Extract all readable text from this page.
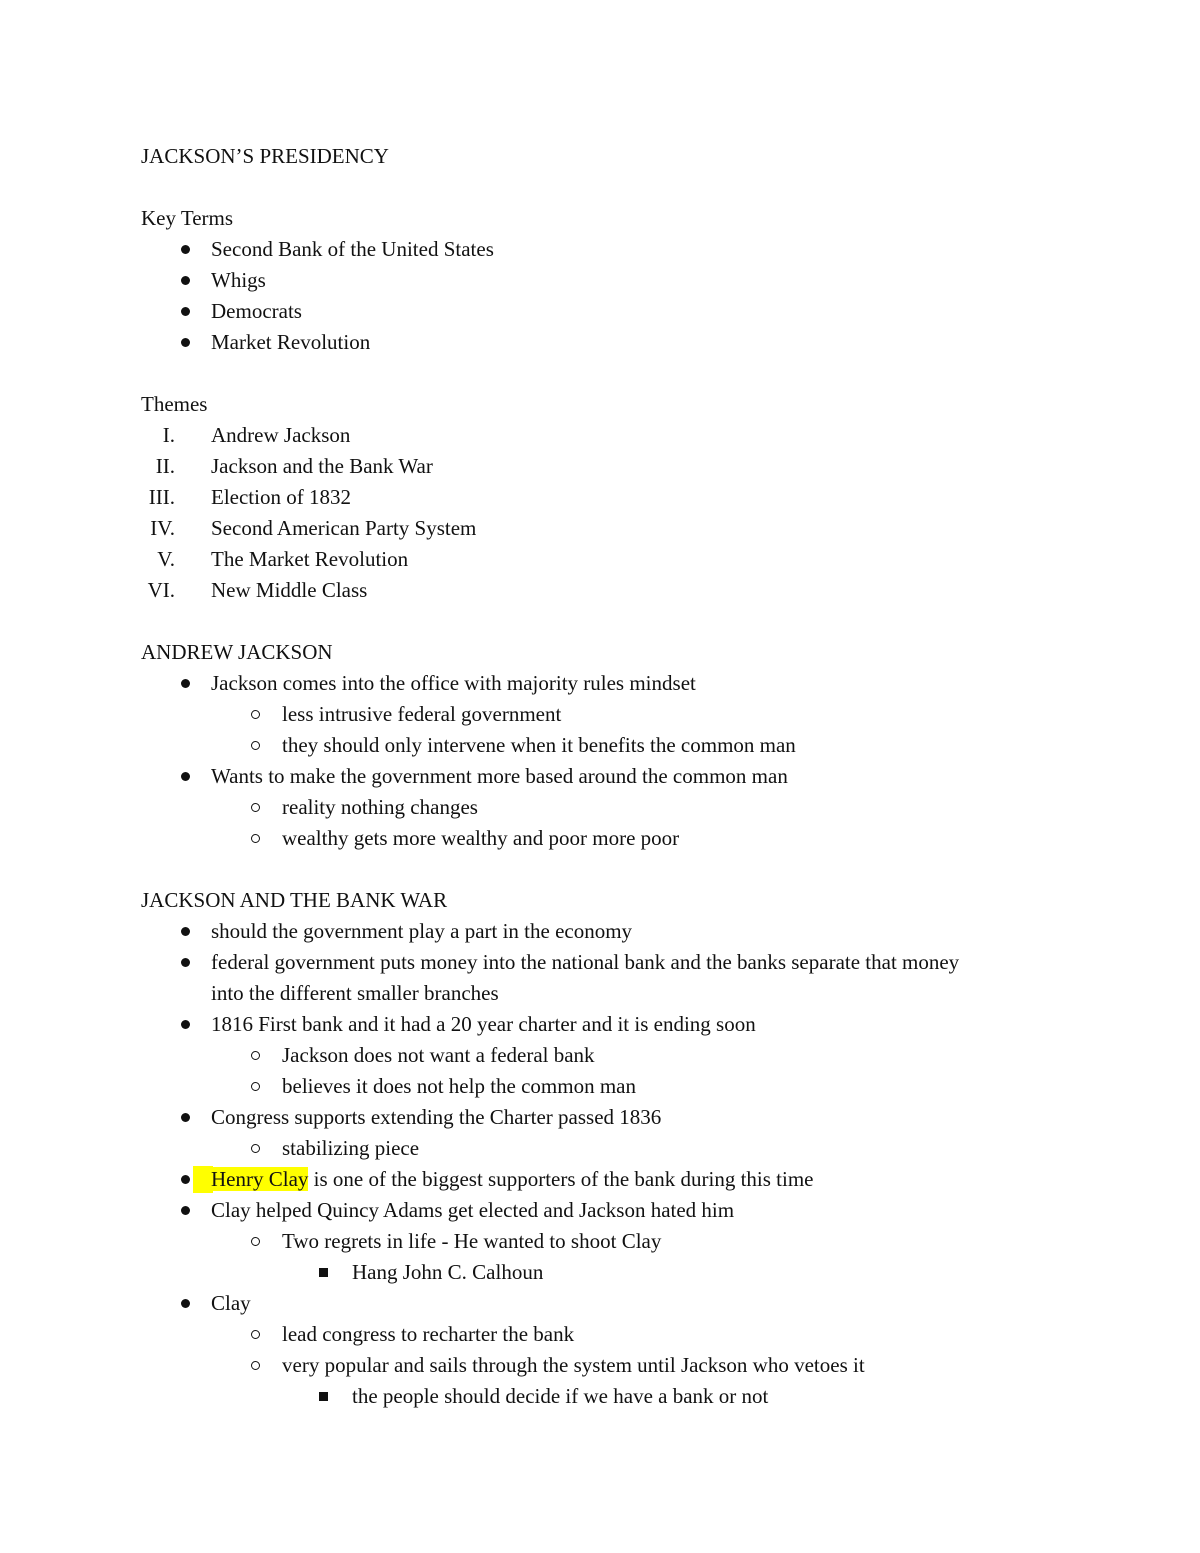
JACKSON’S PRESIDENCY
Key Terms
Second Bank of the United States
Whigs
Democrats
Market Revolution
Themes
I. Andrew Jackson
II. Jackson and the Bank War
III. Election of 1832
IV. Second American Party System
V. The Market Revolution
VI. New Middle Class
ANDREW JACKSON
Jackson comes into the office with majority rules mindset
less intrusive federal government
they should only intervene when it benefits the common man
Wants to make the government more based around the common man
reality nothing changes
wealthy gets more wealthy and poor more poor
JACKSON AND THE BANK WAR
should the government play a part in the economy
federal government puts money into the national bank and the banks separate that money
into the different smaller branches
1816 First bank and it had a 20 year charter and it is ending soon
Jackson does not want a federal bank
believes it does not help the common man
Congress supports extending the Charter passed 1836
stabilizing piece
Henry Clay is one of the biggest supporters of the bank during this time
Clay helped Quincy Adams get elected and Jackson hated him
Two regrets in life - He wanted to shoot Clay
Hang John C. Calhoun
Clay
lead congress to recharter the bank
very popular and sails through the system until Jackson who vetoes it
the people should decide if we have a bank or not
